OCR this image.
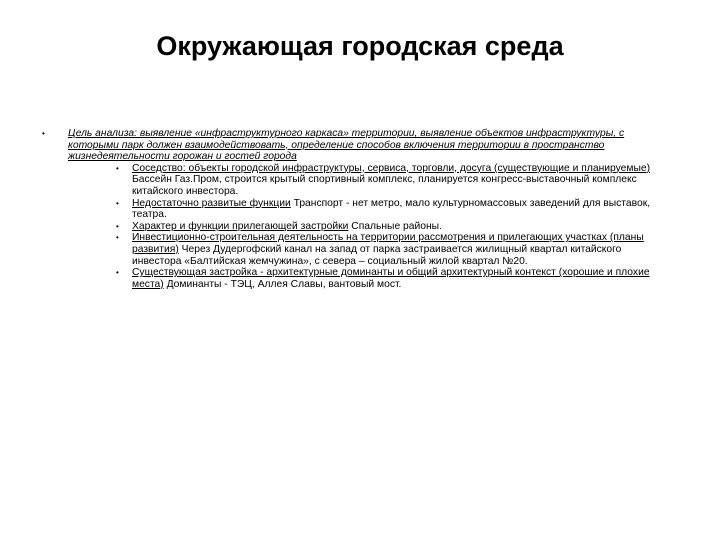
Окружающая городская среда
• Цель анализа: выявление «инфраструктурного каркаса» территории, выявление объектов инфраструктуры, с которыми парк должен взаимодействовать, определение способов включения территории в пространство жизнедеятельности горожан и гостей города
• Соседство: объекты городской инфраструктуры, сервиса, торговли, досуга (существующие и планируемые) Бассейн Газ.Пром, строится крытый спортивный комплекс, планируется конгресс-выставочный комплекс китайского инвестора.
• Недостаточно развитые функции Транспорт - нет метро, мало культурномассовых заведений для выставок, театра.
• Характер и функции прилегающей застройки Спальные районы.
• Инвестиционно-строительная деятельность на территории рассмотрения и прилегающих участках (планы развития) Через Дудергофский канал на запад от парка застраивается жилищный квартал китайского инвестора «Балтийская жемчужина», с севера – социальный жилой квартал №20.
• Существующая застройка - архитектурные доминанты и общий архитектурный контекст (хорошие и плохие места) Доминанты - ТЭЦ, Аллея Славы, вантовый мост.
